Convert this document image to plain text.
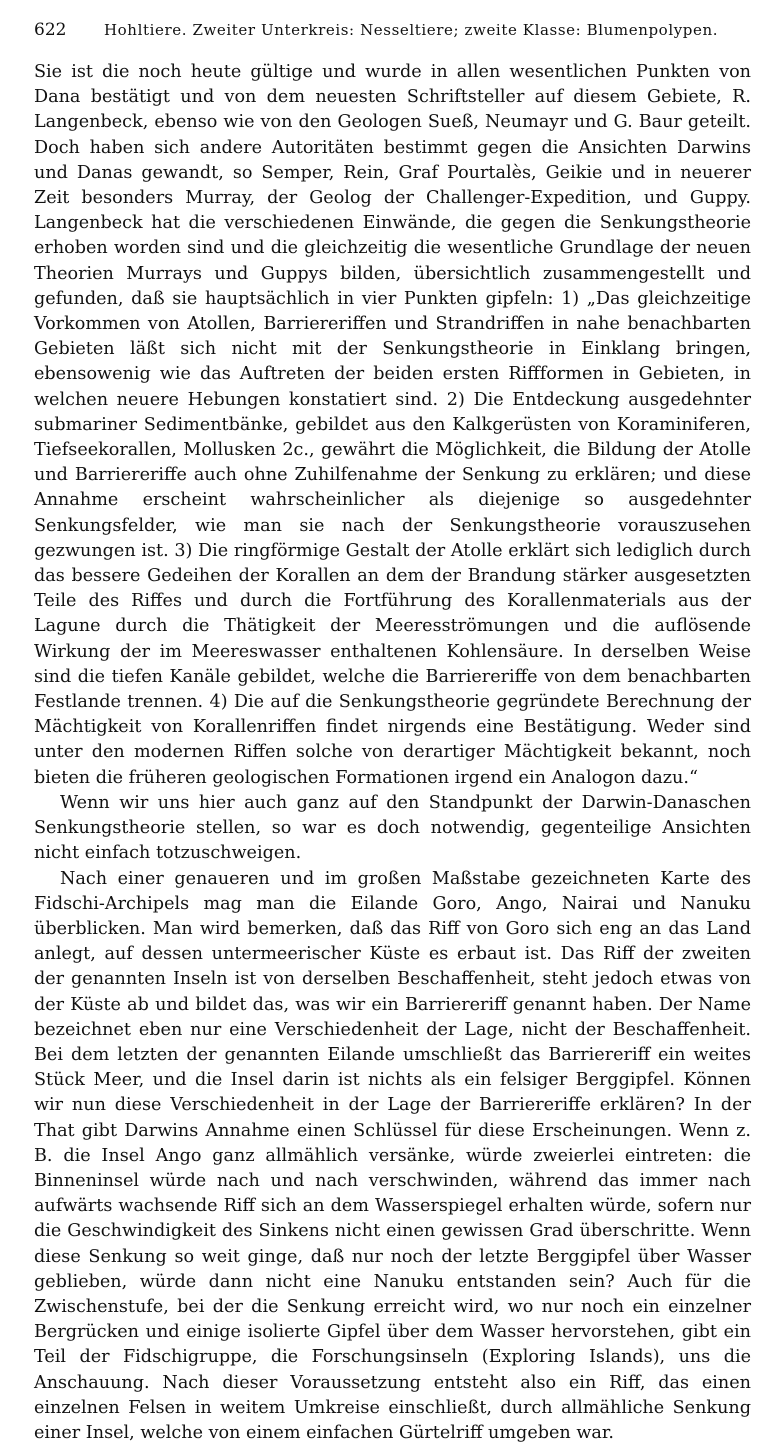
622	Hohltiere. Zweiter Unterkreis: Nesseltiere; zweite Klasse: Blumenpolypen.

Sie ist die noch heute gültige und wurde in allen wesentlichen Punkten von Dana bestätigt und von dem neuesten Schriftsteller auf diesem Gebiete, R. Langenbeck, ebenso wie von den Geologen Sueß, Neumayr und G. Baur geteilt. Doch haben sich andere Autoritäten bestimmt gegen die Ansichten Darwins und Danas gewandt, so Semper, Rein, Graf Pourtalès, Geikie und in neuerer Zeit besonders Murray, der Geolog der Challenger-Expedition, und Guppy. Langenbeck hat die verschiedenen Einwände, die gegen die Senkungstheorie erhoben worden sind und die gleichzeitig die wesentliche Grundlage der neuen Theorien Murrays und Guppys bilden, übersichtlich zusammengestellt und gefunden, daß sie hauptsächlich in vier Punkten gipfeln: 1) „Das gleichzeitige Vorkommen von Atollen, Barriereriffen und Strandriffen in nahe benachbarten Gebieten läßt sich nicht mit der Senkungstheorie in Einklang bringen, ebensowenig wie das Auftreten der beiden ersten Riffformen in Gebieten, in welchen neuere Hebungen konstatiert sind. 2) Die Entdeckung ausgedehnter submariner Sedimentbänke, gebildet aus den Kalkgerüsten von Koraminiferen, Tiefseekorallen, Mollusken 2c., gewährt die Möglichkeit, die Bildung der Atolle und Barriereriffe auch ohne Zuhilfenahme der Senkung zu erklären; und diese Annahme erscheint wahrscheinlicher als diejenige so ausgedehnter Senkungsfelder, wie man sie nach der Senkungstheorie vorauszusehen gezwungen ist. 3) Die ringförmige Gestalt der Atolle erklärt sich lediglich durch das bessere Gedeihen der Korallen an dem der Brandung stärker ausgesetzten Teile des Riffes und durch die Fortführung des Korallenmaterials aus der Lagune durch die Thätigkeit der Meeresströmungen und die auflösende Wirkung der im Meereswasser enthaltenen Kohlensäure. In derselben Weise sind die tiefen Kanäle gebildet, welche die Barriereriffe von dem benachbarten Festlande trennen. 4) Die auf die Senkungstheorie gegründete Berechnung der Mächtigkeit von Korallenriffen findet nirgends eine Bestätigung. Weder sind unter den modernen Riffen solche von derartiger Mächtigkeit bekannt, noch bieten die früheren geologischen Formationen irgend ein Analogon dazu.“

Wenn wir uns hier auch ganz auf den Standpunkt der Darwin-Danaschen Senkungstheorie stellen, so war es doch notwendig, gegenteilige Ansichten nicht einfach totzuschweigen.

Nach einer genaueren und im großen Maßstabe gezeichneten Karte des Fidschi-Archipels mag man die Eilande Goro, Ango, Nairai und Nanuku überblicken. Man wird bemerken, daß das Riff von Goro sich eng an das Land anlegt, auf dessen untermeerischer Küste es erbaut ist. Das Riff der zweiten der genannten Inseln ist von derselben Beschaffenheit, steht jedoch etwas von der Küste ab und bildet das, was wir ein Barriereriff genannt haben. Der Name bezeichnet eben nur eine Verschiedenheit der Lage, nicht der Beschaffenheit. Bei dem letzten der genannten Eilande umschließt das Barriereriff ein weites Stück Meer, und die Insel darin ist nichts als ein felsiger Berggipfel. Können wir nun diese Verschiedenheit in der Lage der Barriereriffe erklären? In der That gibt Darwins Annahme einen Schlüssel für diese Erscheinungen. Wenn z. B. die Insel Ango ganz allmählich versänke, würde zweierlei eintreten: die Binneninsel würde nach und nach verschwinden, während das immer nach aufwärts wachsende Riff sich an dem Wasserspiegel erhalten würde, sofern nur die Geschwindigkeit des Sinkens nicht einen gewissen Grad überschritte. Wenn diese Senkung so weit ginge, daß nur noch der letzte Berggipfel über Wasser geblieben, würde dann nicht eine Nanuku entstanden sein? Auch für die Zwischenstufe, bei der die Senkung erreicht wird, wo nur noch ein einzelner Bergrücken und einige isolierte Gipfel über dem Wasser hervorstehen, gibt ein Teil der Fidschigruppe, die Forschungsinseln (Exploring Islands), uns die Anschauung. Nach dieser Voraussetzung entsteht also ein Riff, das einen einzelnen Felsen in weitem Umkreise einschließt, durch allmähliche Senkung einer Insel, welche von einem einfachen Gürtelriff umgeben war.
